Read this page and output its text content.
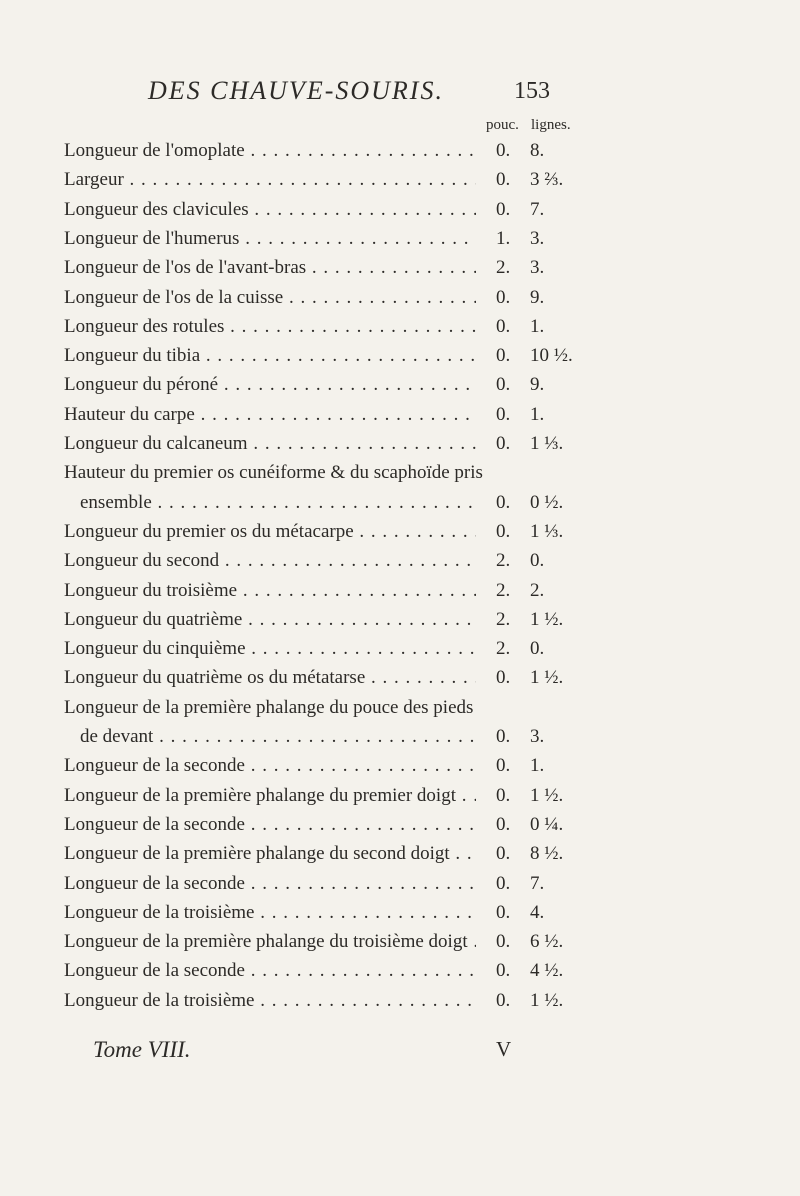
DES CHAUVE-SOURIS.	153
pouc. lignes.
Longueur de l'omoplate . . .	0.	8.
Largeur . . .	0.	3 ⅔.
Longueur des clavicules . . .	0.	7.
Longueur de l'humerus . . .	1.	3.
Longueur de l'os de l'avant-bras . . .	2.	3.
Longueur de l'os de la cuisse . . .	0.	9.
Longueur des rotules . . .	0.	1.
Longueur du tibia . . .	0.	10 ½.
Longueur du péroné . . .	0.	9.
Hauteur du carpe . . .	0.	1.
Longueur du calcaneum . . .	0.	1 ⅓.
Hauteur du premier os cunéiforme & du scaphoïde pris
ensemble . . .	0.	0 ½.
Longueur du premier os du métacarpe . . .	0.	1 ⅓.
Longueur du second . . .	2.	0.
Longueur du troisième . . .	2.	2.
Longueur du quatrième . . .	2.	1 ½.
Longueur du cinquième . . .	2.	0.
Longueur du quatrième os du métatarse . . .	0.	1 ½.
Longueur de la première phalange du pouce des pieds
de devant . . .	0.	3.
Longueur de la seconde . . .	0.	1.
Longueur de la première phalange du premier doigt . . .	0.	1 ½.
Longueur de la seconde . . .	0.	0 ¼.
Longueur de la première phalange du second doigt . . .	0.	8 ½.
Longueur de la seconde . . .	0.	7.
Longueur de la troisième . . .	0.	4.
Longueur de la première phalange du troisième doigt . . .	0.	6 ½.
Longueur de la seconde . . .	0.	4 ½.
Longueur de la troisième . . .	0.	1 ½.
Tome VIII.	V
